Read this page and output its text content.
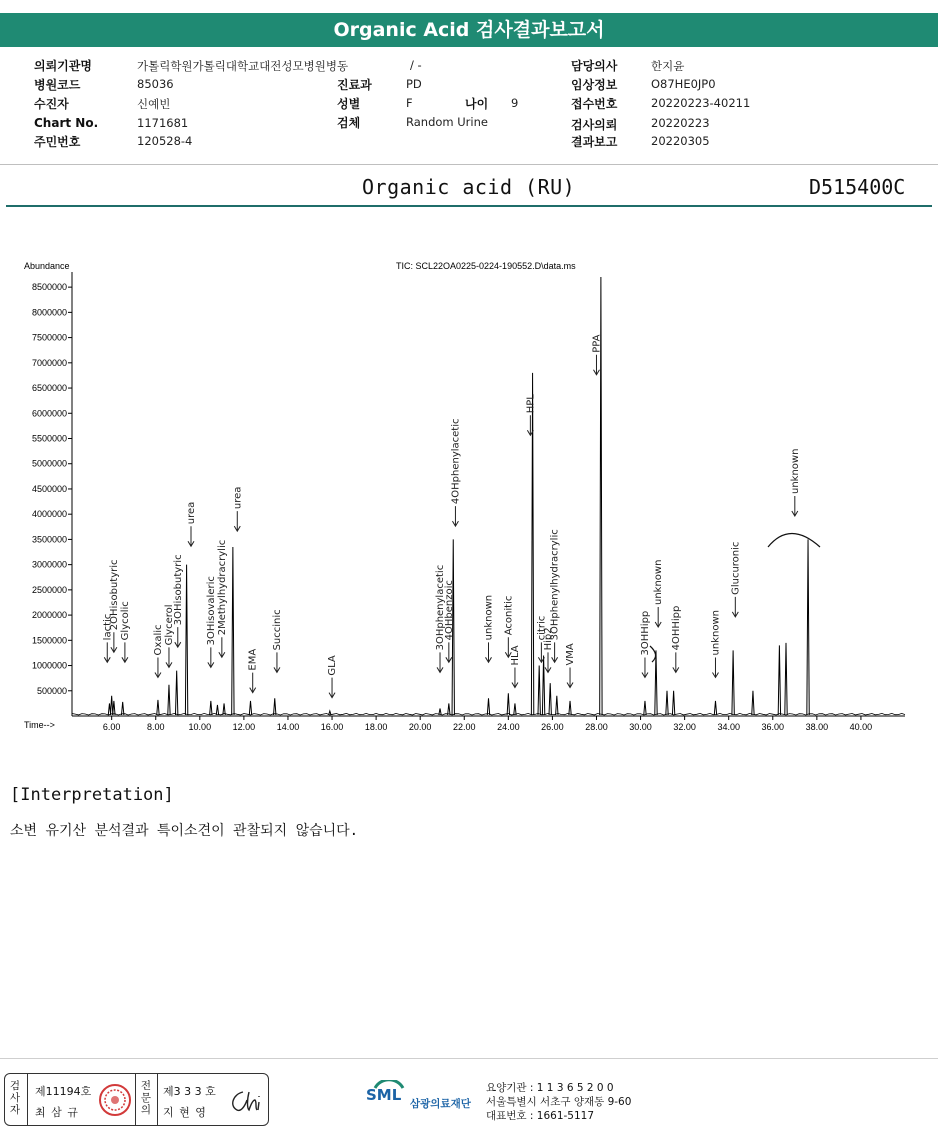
Organic Acid 검사결과보고서
의뢰기관명	가톨릭학원가톨릭대학교대전성모병원병동	/ -	담당의사	한지윤
병원코드	85036	진료과	PD	임상정보	O87HE0JP0
수진자	신예빈	성별	F	나이 9	접수번호	20220223-40211
Chart No.	1171681	검체	Random Urine	검사의뢰	20220223
주민번호	120528-4	결과보고	20220305
Organic acid (RU)	D515400C
Abundance	TIC: SCL22OA0225-0224-190552.D\data.ms
Time-->
500000
1000000
1500000
2000000
2500000
3000000
3500000
4000000
4500000
5000000
5500000
6000000
6500000
7000000
7500000
8000000
8500000
6.00	8.00	10.00 12.00 14.00 16.00 18.00 20.00 22.00 24.00 26.00 28.00 30.00 32.00 34.00 36.00 38.00 40.00
lactic
2OHisobutyric Glycolic Oxalic Glycerol
3OHisobutyric
urea
3OHisovaleric 2Methylhydracrylic
urea
EMA
Succinic
GLA
3OHphenylacetic
4OHbenzoic
4OHphenylacetic
unknown Aconitic
HLA
HPL
citric
Hip2
3OHphenylhydracrylic
VMA
PPA
3OHHipp
unknown
4OHHipp	unknown
Glucuronic
unknown
[Interpretation]
소변 유기산 분석결과 특이소견이 관찰되지 않습니다.
검사자
제11194호
최 삼 규
전문의
제3 3 3 호
지 현 영
SML 삼광의료재단
요양기관 : 1 1 3 6 5 2 0 0
서울특별시 서초구 양재동 9-60
대표번호 : 1661-5117
